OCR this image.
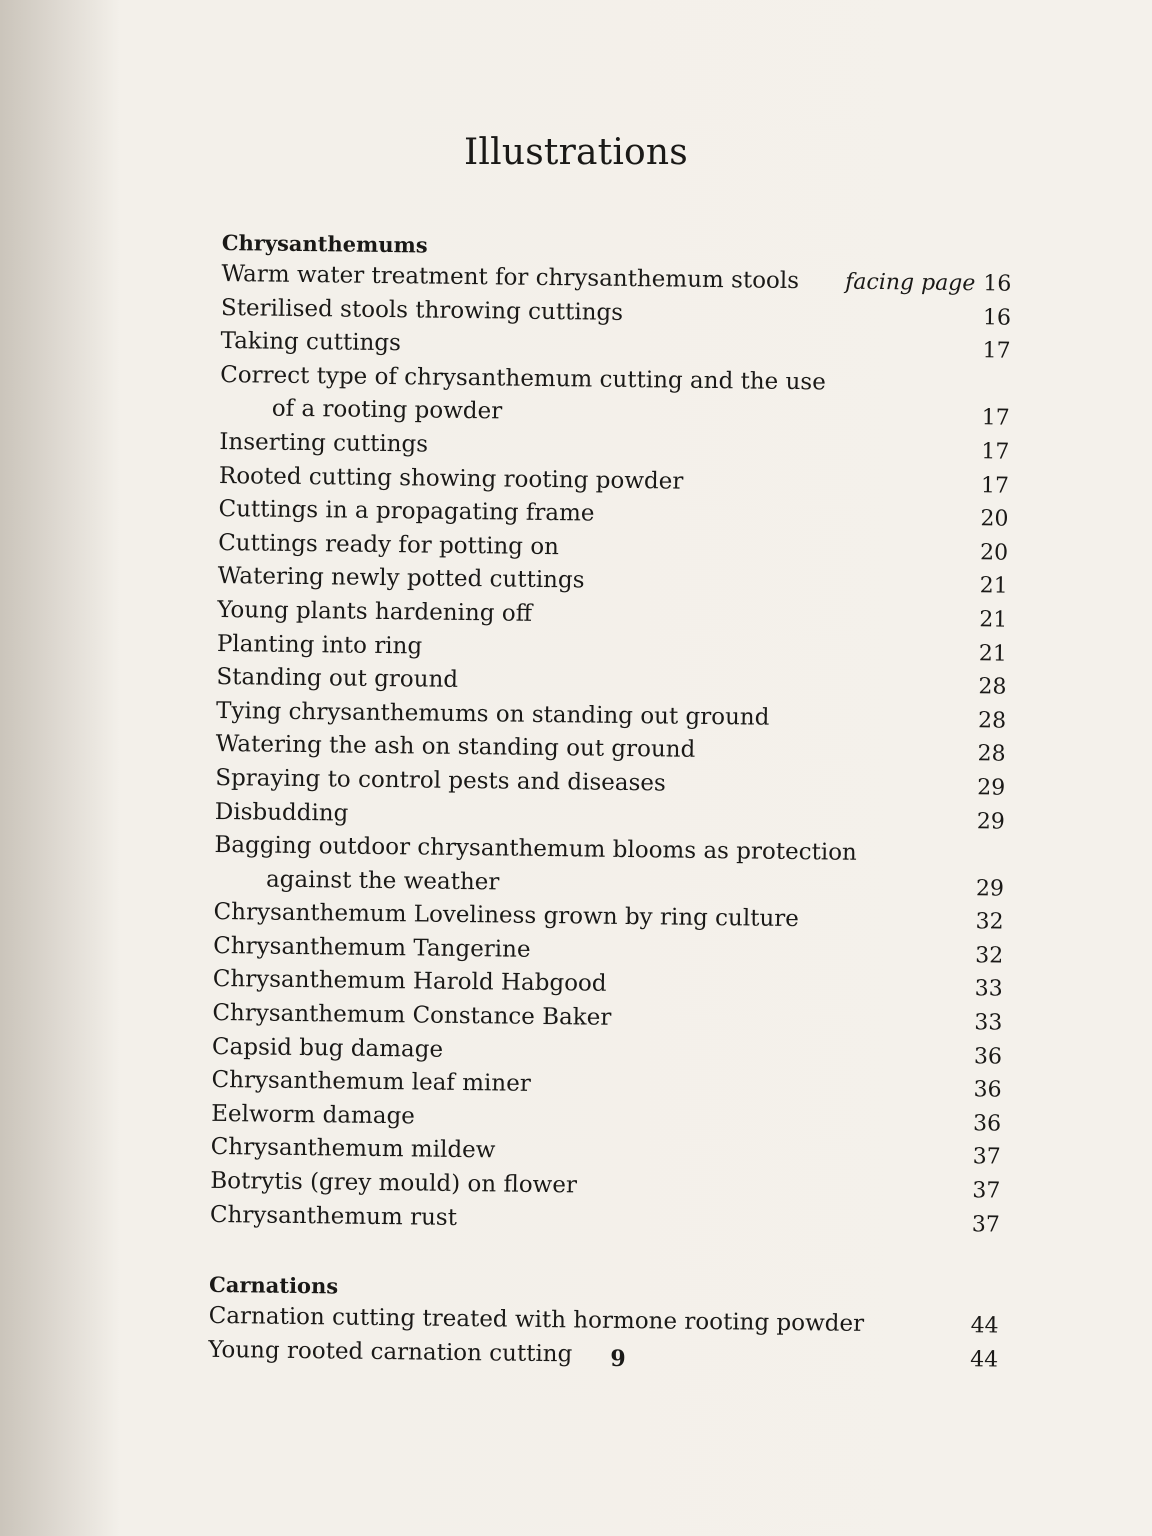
Illustrations
Chrysanthemums
Warm water treatment for chrysanthemum stools	facing page 16
Sterilised stools throwing cuttings	16
Taking cuttings	17
Correct type of chrysanthemum cutting and the use
of a rooting powder	17
Inserting cuttings	17
Rooted cutting showing rooting powder	17
Cuttings in a propagating frame	20
Cuttings ready for potting on	20
Watering newly potted cuttings	21
Young plants hardening off	21
Planting into ring	21
Standing out ground	28
Tying chrysanthemums on standing out ground	28
Watering the ash on standing out ground	28
Spraying to control pests and diseases	29
Disbudding	29
Bagging outdoor chrysanthemum blooms as protection
against the weather	29
Chrysanthemum Loveliness grown by ring culture	32
Chrysanthemum Tangerine	32
Chrysanthemum Harold Habgood	33
Chrysanthemum Constance Baker	33
Capsid bug damage	36
Chrysanthemum leaf miner	36
Eelworm damage	36
Chrysanthemum mildew	37
Botrytis (grey mould) on flower	37
Chrysanthemum rust	37
Carnations
Carnation cutting treated with hormone rooting powder	44
Young rooted carnation cutting	44
9
